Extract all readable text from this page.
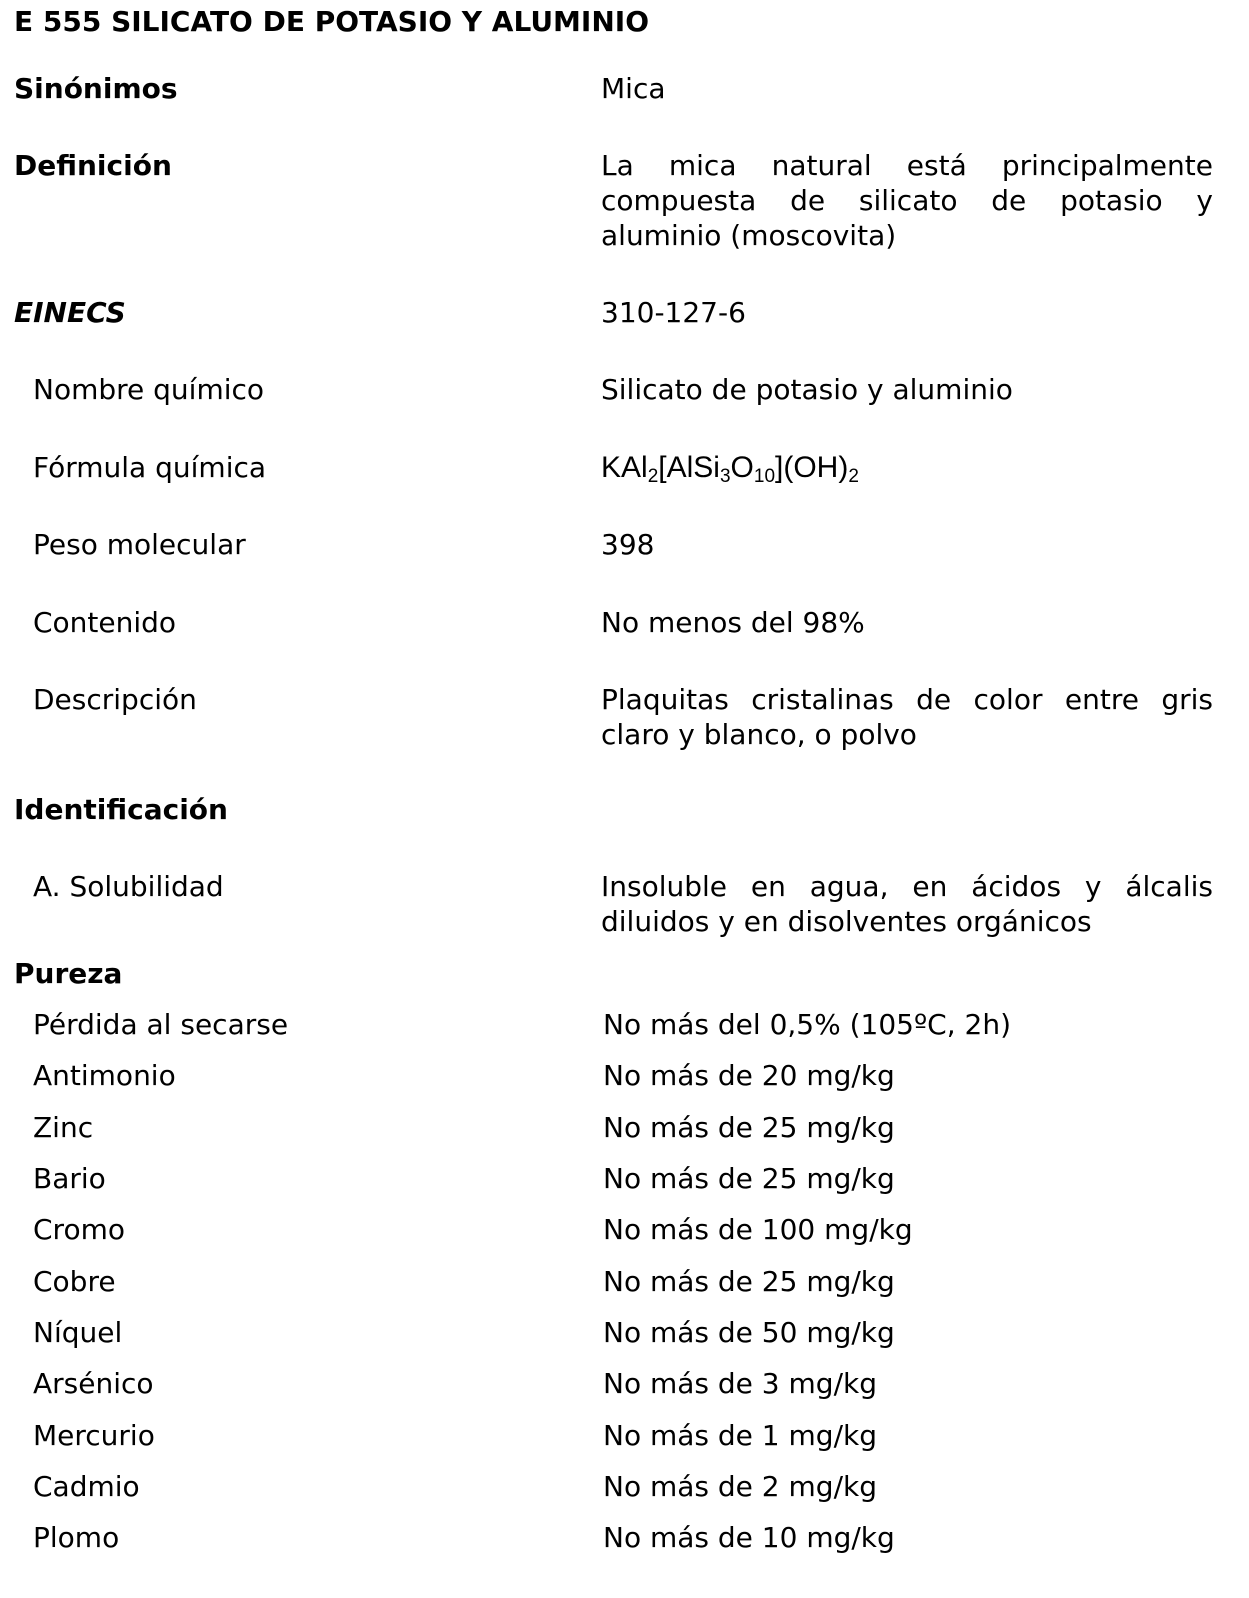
E 555 SILICATO DE POTASIO Y ALUMINIO
Sinónimos	Mica
Definición	La mica natural está principalmente compuesta de silicato de potasio y aluminio (moscovita)
EINECS	310-127-6
Nombre químico	Silicato de potasio y aluminio
Fórmula química	$KAl_2[AlSi_3O_{10}](OH)_2$
Peso molecular	398
Contenido	No menos del 98%
Descripción	Plaquitas cristalinas de color entre gris claro y blanco, o polvo
Identificación
A. Solubilidad	Insoluble en agua, en ácidos y álcalis diluidos y en disolventes orgánicos
Pureza
Pérdida al secarse	No más del 0,5% (105ºC, 2h)
Antimonio	No más de 20 mg/kg
Zinc	No más de 25 mg/kg
Bario	No más de 25 mg/kg
Cromo	No más de 100 mg/kg
Cobre	No más de 25 mg/kg
Níquel	No más de 50 mg/kg
Arsénico	No más de 3 mg/kg
Mercurio	No más de 1 mg/kg
Cadmio	No más de 2 mg/kg
Plomo	No más de 10 mg/kg
